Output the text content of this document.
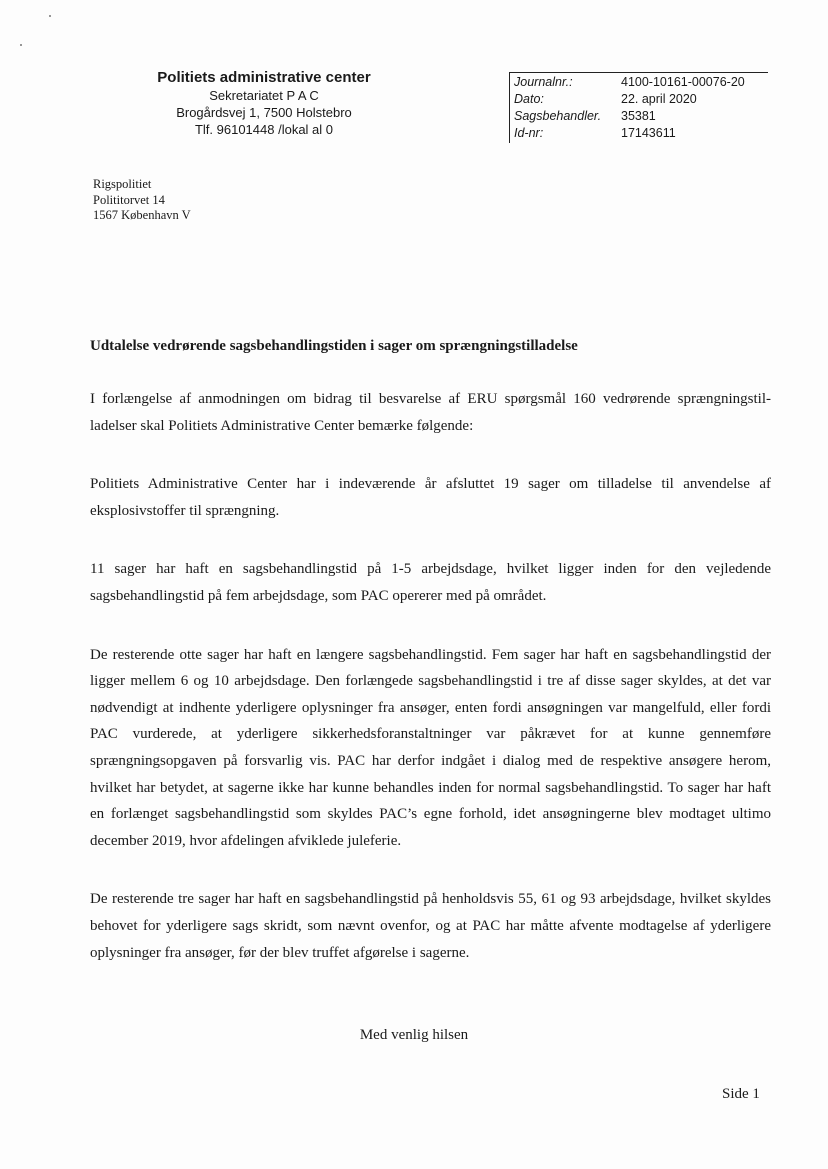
Politiets administrative center
Sekretariatet P A C
Brogårdsvej 1, 7500 Holstebro
Tlf. 96101448 /lokal al 0
Journalnr.:	4100-10161-00076-20
Dato:	22. april 2020
Sagsbehandler. 35381
Id-nr:	17143611
Rigspolitiet
Polititorvet 14
1567 København V
Udtalelse vedrørende sagsbehandlingstiden i sager om sprængningstilladelse

I forlængelse af anmodningen om bidrag til besvarelse af ERU spørgsmål 160 vedrørende sprængningstil-ladelser skal Politiets Administrative Center bemærke følgende:

Politiets Administrative Center har i indeværende år afsluttet 19 sager om tilladelse til anvendelse af eksplosivstoffer til sprængning.

11 sager har haft en sagsbehandlingstid på 1-5 arbejdsdage, hvilket ligger inden for den vejledende sagsbehandlingstid på fem arbejdsdage, som PAC opererer med på området.

De resterende otte sager har haft en længere sagsbehandlingstid. Fem sager har haft en sagsbehandlingstid der ligger mellem 6 og 10 arbejdsdage. Den forlængede sagsbehandlingstid i tre af disse sager skyldes, at det var nødvendigt at indhente yderligere oplysninger fra ansøger, enten fordi ansøgningen var mangelfuld, eller fordi PAC vurderede, at yderligere sikkerhedsforanstaltninger var påkrævet for at kunne gennemføre sprængningsopgaven på forsvarlig vis. PAC har derfor indgået i dialog med de respektive ansøgere herom, hvilket har betydet, at sagerne ikke har kunne behandles inden for normal sagsbehandlingstid. To sager har haft en forlænget sagsbehandlingstid som skyldes PAC’s egne forhold, idet ansøgningerne blev modtaget ultimo december 2019, hvor afdelingen afviklede juleferie.

De resterende tre sager har haft en sagsbehandlingstid på henholdsvis 55, 61 og 93 arbejdsdage, hvilket skyldes behovet for yderligere sags skridt, som nævnt ovenfor, og at PAC har måtte afvente modtagelse af yderligere oplysninger fra ansøger, før der blev truffet afgørelse i sagerne.

Med venlig hilsen
Side 1
